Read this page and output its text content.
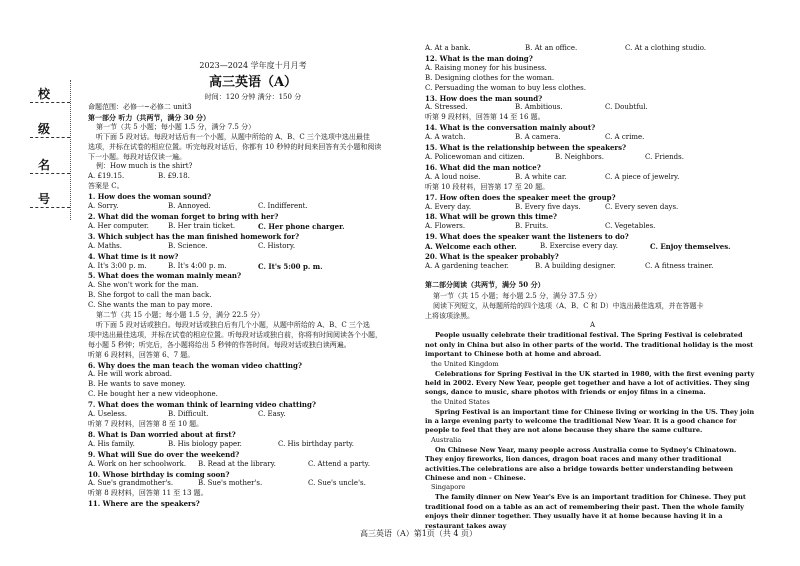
校
级
名
号
2023—2024 学年度十月月考
高三英语（A）
时间：120 分钟 满分：150 分
命题范围：必修一~必修二 unit3
第一部分 听力（共两节，满分 30 分）
第一节（共 5 小题；每小题 1.5 分，满分 7.5 分）
听下面 5 段对话。每段对话后有一个小题，从题中所给的 A、B、C 三个选项中选出最佳
选项，并标在试卷的相应位置。听完每段对话后，你都有 10 秒钟的时间来回答有关小题和阅读
下一小题。每段对话仅读一遍。
例：How much is the shirt?
A. £19.15.	B. £9.18.
答案是 C。
1. How does the woman sound?
A. Sorry.	B. Annoyed.	C. Indifferent.
2. What did the woman forget to bring with her?
A. Her computer.	B. Her train ticket.	C. Her phone charger.
3. Which subject has the man finished homework for?
A. Maths.	B. Science.	C. History.
4. What time is it now?
A. It's 3:00 p. m.	B. It's 4:00 p. m.	C. It's 5:00 p. m.
5. What does the woman mainly mean?
A. She won't work for the man.
B. She forgot to call the man back.
C. She wants the man to pay more.
第二节（共 15 小题；每小题 1.5 分，满分 22.5 分）
听下面 5 段对话或独白。每段对话或独白后有几个小题，从题中所给的 A、B、C 三个选
项中选出最佳选项，并标在试卷的相应位置。听每段对话或独白前，你将有时间阅读各个小题，
每小题 5 秒钟；听完后，各小题将给出 5 秒钟的作答时间。每段对话或独白读两遍。
听第 6 段材料，回答第 6、7 题。
6. Why does the man teach the woman video chatting?
A. He will work abroad.
B. He wants to save money.
C. He bought her a new videophone.
7. What does the woman think of learning video chatting?
A. Useless.	B. Difficult.	C. Easy.
听第 7 段材料，回答第 8 至 10 题。
8. What is Dan worried about at first?
A. His family.	B. His biology paper.	C. His birthday party.
9. What will Sue do over the weekend?
A. Work on her schoolwork.	B. Read at the library.	C. Attend a party.
10. Whose birthday is coming soon?
A. Sue's grandmother's.	B. Sue's mother's.	C. Sue's uncle's.
听第 8 段材料，回答第 11 至 13 题。
11. Where are the speakers?
A. At a bank.	B. At an office.	C. At a clothing studio.
12. What is the man doing?
A. Raising money for his business.
B. Designing clothes for the woman.
C. Persuading the woman to buy less clothes.
13. How does the man sound?
A. Stressed.	B. Ambitious.	C. Doubtful.
听第 9 段材料，回答第 14 至 16 题。
14. What is the conversation mainly about?
A. A watch.	B. A camera.	C. A crime.
15. What is the relationship between the speakers?
A. Policewoman and citizen.	B. Neighbors.	C. Friends.
16. What did the man notice?
A. A loud noise.	B. A white car.	C. A piece of jewelry.
听第 10 段材料，回答第 17 至 20 题。
17. How often does the speaker meet the group?
A. Every day.	B. Every five days.	C. Every seven days.
18. What will be grown this time?
A. Flowers.	B. Fruits.	C. Vegetables.
19. What does the speaker want the listeners to do?
A. Welcome each other.	B. Exercise every day.	C. Enjoy themselves.
20. What is the speaker probably?
A. A gardening teacher.	B. A building designer.	C. A fitness trainer.
第二部分阅读（共两节，满分 50 分）
第一节（共 15 小题；每小题 2.5 分，满分 37.5 分）
阅读下列短文，从每题所给的四个选项（A、B、C 和 D）中选出最佳选项，并在答题卡
上将该项涂黑。
A
People usually celebrate their traditional festival. The Spring Festival is celebrated not only in China but also in other parts of the world. The traditional holiday is the most important to Chinese both at home and abroad.
the United Kingdom
Celebrations for Spring Festival in the UK started in 1980, with the first evening party held in 2002. Every New Year, people get together and have a lot of activities. They sing songs, dance to music, share photos with friends or enjoy films in a cinema.
the United States
Spring Festival is an important time for Chinese living or working in the US. They join in a large evening party to welcome the traditional New Year. It is a good chance for people to feel that they are not alone because they share the same culture.
Australia
On Chinese New Year, many people across Australia come to Sydney's Chinatown. They enjoy fireworks, lion dances, dragon boat races and many other traditional activities.The celebrations are also a bridge towards better understanding between Chinese and non - Chinese.
Singapore
The family dinner on New Year's Eve is an important tradition for Chinese. They put traditional food on a table as an act of remembering their past. Then the whole family enjoys their dinner together. They usually have it at home because having it in a restaurant takes away
高三英语（A）第1页（共 4 页）
